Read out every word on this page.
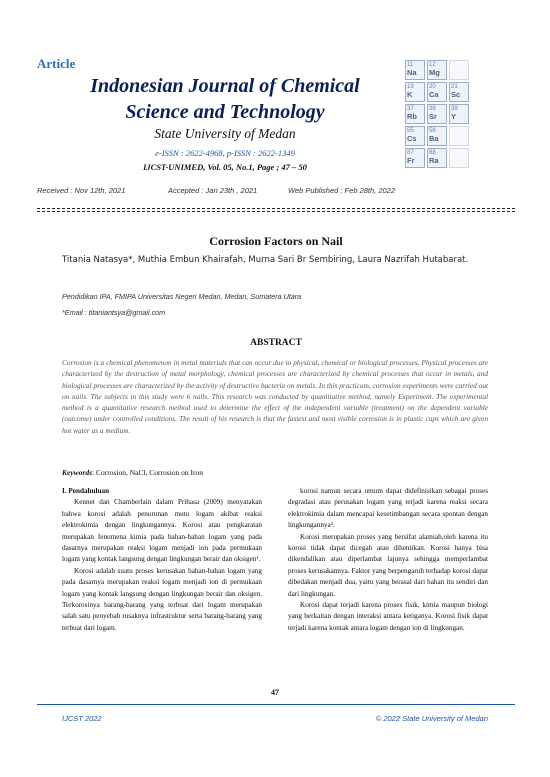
Article
Indonesian Journal of Chemical
Science and Technology
State University of Medan
e-ISSN : 2622-4968, p-ISSN : 2622-1349
IJCST-UNIMED, Vol. 05, No.1, Page ; 47 – 50
11
Na
12
Mg
19
K
20
Ca
21
Sc
37
Rb
38
Sr
39
Y
55
Cs
56
Ba
87
Fr
88
Ra
Received : Nov 12th, 2021	Accepted : Jan 23th , 2021	Web Published ; Feb 28th, 2022
Corrosion Factors on Nail
Titania Natasya*, Muthia Embun Khairafah, Murna Sari Br Sembiring, Laura Nazrifah Hutabarat.
Pendidikan IPA, FMIPA Universitas Negeri Medan, Medan, Sumatera Utara
*Email : titaniantsya@gmail.com
ABSTRACT
Corrosion is a chemical phenomenon in metal materials that can occur due to physical, chemical or biological processes. Physical processes are characterized by the destruction of metal morphology, chemical processes are characterized by chemical processes that occur in metals, and biological processes are characterized by the activity of destructive bacteria on metals. In this practicum, corrosion experiments were carried out on nails. The subjects in this study were 6 nails. This research was conducted by quantitative method, namely Experiment. The experimental method is a quantitative research method used to determine the effect of the independent variable (treatment) on the dependent variable (outcome) under controlled conditions. The result of his research is that the fastest and most visible corrosion is in plastic cups which are given hot water as a medium.
Keywords: Corrosion, NaCl, Corrosion on Iron

I. Pendahuluan

Kennet dan Chamberlain dalam Prihasa (2009) menyatakan bahwa korosi adalah penurunan mutu logam akibat reaksi elektrokimia dengan lingkungannya. Korosi atau pengkaratan merupakan fenomena kimia pada bahan-bahan logam yang pada dasarnya merupakan reaksi logam menjadi ion pada permukaan logam yang kontak langsung dengan lingkungan berair dan oksigen¹.

Korosi adalah suatu proses kerusakan bahan-bahan logam yang pada dasarnya merupakan reaksi logam menjadi ion di permukaan logam yang kontak langsung dengan lingkungan berair dan oksigen. Terkorosinya barang-barang yang terbuat dari logam merupakan salah satu penyebab rusaknya infrastruktur serta barang-barang yang terbuat dari logam.

korosi namun secara umum dapat didefinisikan sebagai proses degradasi atau perusakan logam yang terjadi karena reaksi secara elektrokimia dalam mencapai kesetimbangan secara spontan dengan lingkungannya².

Korosi merupakan proses yang bersifat alamiah,oleh karena itu korosi tidak dapat dicegah atau dihentikan. Korosi hanya bisa dikendalikan atau diperlambat lajunya sehingga memperlambat proses kerusakannya. Faktor yang berpengaruh terhadap korosi dapat dibedakan menjadi dua, yaitu yang berasal dari bahan itu sendiri dan dari lingkungan.

Korosi dapat terjadi karena proses fisik, kimia maupun biologi yang berkaitan dengan interaksi antara ketiganya. Korosi fisik dapat terjadi karena kontak antara logam dengan ion di lingkungan.

47
IJCST 2022	© 2022 State University of Medan
